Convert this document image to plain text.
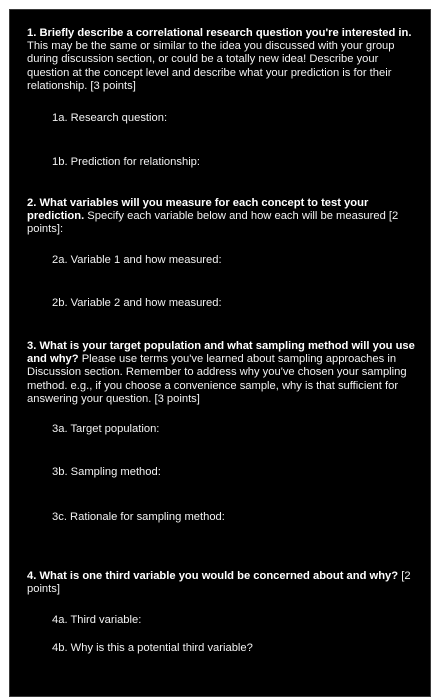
1. Briefly describe a correlational research question you're interested in. This may be the same or similar to the idea you discussed with your group during discussion section, or could be a totally new idea! Describe your question at the concept level and describe what your prediction is for their relationship. [3 points]

1a. Research question:

1b. Prediction for relationship:

2. What variables will you measure for each concept to test your prediction. Specify each variable below and how each will be measured [2 points]:

2a. Variable 1 and how measured:

2b. Variable 2 and how measured:

3. What is your target population and what sampling method will you use and why? Please use terms you've learned about sampling approaches in Discussion section. Remember to address why you've chosen your sampling method. e.g., if you choose a convenience sample, why is that sufficient for answering your question. [3 points]

3a. Target population:

3b. Sampling method:

3c. Rationale for sampling method:

4. What is one third variable you would be concerned about and why? [2 points]

4a. Third variable:

4b. Why is this a potential third variable?
